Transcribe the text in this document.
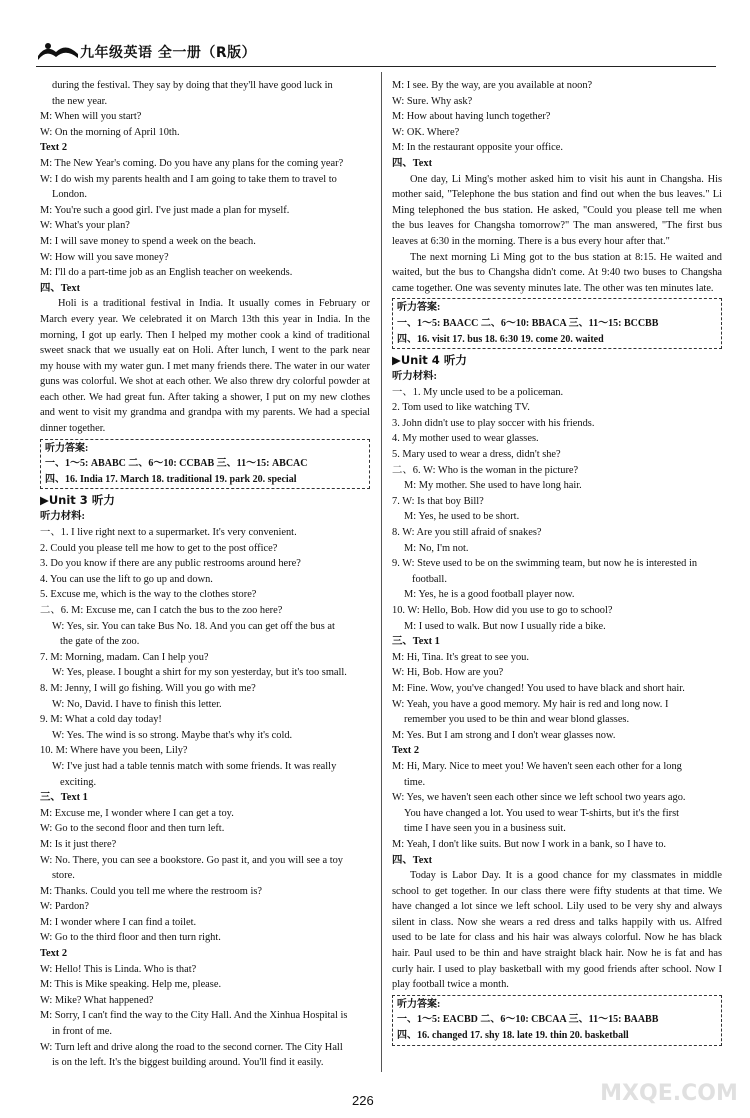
九年级英语 全一册（R版）
during the festival. They say by doing that they'll have good luck in
the new year.
M: When will you start?
W: On the morning of April 10th.
Text 2
M: The New Year's coming. Do you have any plans for the coming year?
W: I do wish my parents health and I am going to take them to travel to
London.
M: You're such a good girl. I've just made a plan for myself.
W: What's your plan?
M: I will save money to spend a week on the beach.
W: How will you save money?
M: I'll do a part-time job as an English teacher on weekends.
四、Text
Holi is a traditional festival in India. It usually comes in February or March every year. We celebrated it on March 13th this year in India. In the morning, I got up early. Then I helped my mother cook a kind of traditional sweet snack that we usually eat on Holi. After lunch, I went to the park near my house with my water gun. I met many friends there. The water in our water guns was colorful. We shot at each other. We also threw dry colorful powder at each other. We had great fun. After taking a shower, I put on my new clothes and went to visit my grandma and grandpa with my parents. We had a special dinner together.
听力答案:
一、1～5: ABABC 二、6～10: CCBAB 三、11～15: ABCAC
四、16. India 17. March 18. traditional 19. park 20. special
▶Unit 3 听力
听力材料:
一、1. I live right next to a supermarket. It's very convenient.
2. Could you please tell me how to get to the post office?
3. Do you know if there are any public restrooms around here?
4. You can use the lift to go up and down.
5. Excuse me, which is the way to the clothes store?
二、6. M: Excuse me, can I catch the bus to the zoo here?
W: Yes, sir. You can take Bus No. 18. And you can get off the bus at
the gate of the zoo.
7. M: Morning, madam. Can I help you?
W: Yes, please. I bought a shirt for my son yesterday, but it's too small.
8. M: Jenny, I will go fishing. Will you go with me?
W: No, David. I have to finish this letter.
9. M: What a cold day today!
W: Yes. The wind is so strong. Maybe that's why it's cold.
10. M: Where have you been, Lily?
W: I've just had a table tennis match with some friends. It was really
exciting.
三、Text 1
M: Excuse me, I wonder where I can get a toy.
W: Go to the second floor and then turn left.
M: Is it just there?
W: No. There, you can see a bookstore. Go past it, and you will see a toy
store.
M: Thanks. Could you tell me where the restroom is?
W: Pardon?
M: I wonder where I can find a toilet.
W: Go to the third floor and then turn right.
Text 2
W: Hello! This is Linda. Who is that?
M: This is Mike speaking. Help me, please.
W: Mike? What happened?
M: Sorry, I can't find the way to the City Hall. And the Xinhua Hospital is
in front of me.
W: Turn left and drive along the road to the second corner. The City Hall
is on the left. It's the biggest building around. You'll find it easily.
M: I see. By the way, are you available at noon?
W: Sure. Why ask?
M: How about having lunch together?
W: OK. Where?
M: In the restaurant opposite your office.
四、Text
One day, Li Ming's mother asked him to visit his aunt in Changsha. His mother said, "Telephone the bus station and find out when the bus leaves." Li Ming telephoned the bus station. He asked, "Could you please tell me when the bus leaves for Changsha tomorrow?" The man answered, "The first bus leaves at 6:30 in the morning. There is a bus every hour after that."
The next morning Li Ming got to the bus station at 8:15. He waited and waited, but the bus to Changsha didn't come. At 9:40 two buses to Changsha came together. One was seventy minutes late. The other was ten minutes late.
听力答案:
一、1～5: BAACC 二、6～10: BBACA 三、11～15: BCCBB
四、16. visit 17. bus 18. 6:30 19. come 20. waited
▶Unit 4 听力
听力材料:
一、1. My uncle used to be a policeman.
2. Tom used to like watching TV.
3. John didn't use to play soccer with his friends.
4. My mother used to wear glasses.
5. Mary used to wear a dress, didn't she?
二、6. W: Who is the woman in the picture?
M: My mother. She used to have long hair.
7. W: Is that boy Bill?
M: Yes, he used to be short.
8. W: Are you still afraid of snakes?
M: No, I'm not.
9. W: Steve used to be on the swimming team, but now he is interested in
football.
M: Yes, he is a good football player now.
10. W: Hello, Bob. How did you use to go to school?
M: I used to walk. But now I usually ride a bike.
三、Text 1
M: Hi, Tina. It's great to see you.
W: Hi, Bob. How are you?
M: Fine. Wow, you've changed! You used to have black and short hair.
W: Yeah, you have a good memory. My hair is red and long now. I
remember you used to be thin and wear blond glasses.
M: Yes. But I am strong and I don't wear glasses now.
Text 2
M: Hi, Mary. Nice to meet you! We haven't seen each other for a long
time.
W: Yes, we haven't seen each other since we left school two years ago.
You have changed a lot. You used to wear T-shirts, but it's the first
time I have seen you in a business suit.
M: Yeah, I don't like suits. But now I work in a bank, so I have to.
四、Text
Today is Labor Day. It is a good chance for my classmates in middle school to get together. In our class there were fifty students at that time. We have changed a lot since we left school. Lily used to be very shy and always silent in class. Now she wears a red dress and talks happily with us. Alfred used to be late for class and his hair was always colorful. Now he has black hair. Paul used to be thin and have straight black hair. Now he is fat and has curly hair. I used to play basketball with my good friends after school. Now I play football twice a month.
听力答案:
一、1～5: EACBD 二、6～10: CBCAA 三、11～15: BAABB
四、16. changed 17. shy 18. late 19. thin 20. basketball
226	MXQE.COM
